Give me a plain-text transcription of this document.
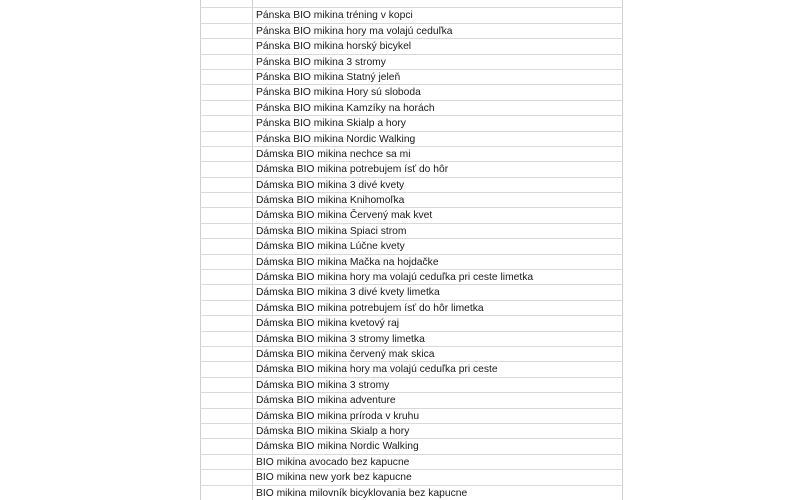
Pánska BIO mikina tréning v kopci
Pánska BIO mikina hory ma volajú ceduľka
Pánska BIO mikina horský bicykel
Pánska BIO mikina 3 stromy
Pánska BIO mikina Statný jeleň
Pánska BIO mikina Hory sú sloboda
Pánska BIO mikina Kamzíky na horách
Pánska BIO mikina Skialp a hory
Pánska BIO mikina Nordic Walking
Dámska BIO mikina nechce sa mi
Dámska BIO mikina potrebujem ísť do hôr
Dámska BIO mikina 3 divé kvety
Dámska BIO mikina Knihomoľka
Dámska BIO mikina Červený mak kvet
Dámska BIO mikina Spiaci strom
Dámska BIO mikina Lúčne kvety
Dámska BIO mikina Mačka na hojdačke
Dámska BIO mikina hory ma volajú ceduľka pri ceste limetka
Dámska BIO mikina 3 divé kvety limetka
Dámska BIO mikina potrebujem ísť do hôr limetka
Dámska BIO mikina kvetový raj
Dámska BIO mikina 3 stromy limetka
Dámska BIO mikina červený mak skica
Dámska BIO mikina hory ma volajú ceduľka pri ceste
Dámska BIO mikina 3 stromy
Dámska BIO mikina adventure
Dámska BIO mikina príroda v kruhu
Dámska BIO mikina Skialp a hory
Dámska BIO mikina Nordic Walking
BIO mikina avocado bez kapucne
BIO mikina new york bez kapucne
BIO mikina milovník bicyklovania bez kapucne
